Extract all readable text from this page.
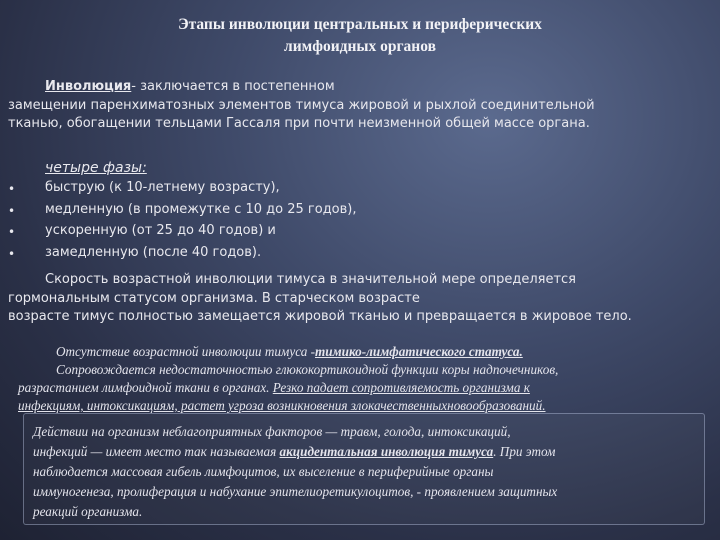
Этапы инволюции центральных и периферических
лимфоидных органов
Инволюция- заключается в постепенном
замещении паренхиматозных элементов тимуса жировой и рыхлой соединительной
тканью, обогащении тельцами Гассаля при почти неизменной общей массе органа.
четыре фазы:
• быструю (к 10-летнему возрасту),
• медленную (в промежутке с 10 до 25 годов),
• ускоренную (от 25 до 40 годов) и
• замедленную (после 40 годов).
Скорость возрастной инволюции тимуса в значительной мере определяется
гормональным статусом организма. В старческом возрасте
возрасте тимус полностью замещается жировой тканью и превращается в жировое тело.
Отсутствие возрастной инволюции тимуса -тимико-лимфатического статуса.
Сопровождается недостаточностью глюкокортикоидной функции коры надпочечников,
разрастанием лимфоидной ткани в органах. Резко падает сопротивляемость организма к
инфекциям, интоксикациям, растет угроза возникновения злокачественныхновообразований.
Действии на организм неблагоприятных факторов — травм, голода, интоксикаций,
инфекций — имеет место так называемая акцидентальная инволюция тимуса. При этом
наблюдается массовая гибель лимфоцитов, их выселение в периферийные органы
иммуногенеза, пролиферация и набухание эпителиоретикулоцитов, - проявлением защитных
реакций организма.
